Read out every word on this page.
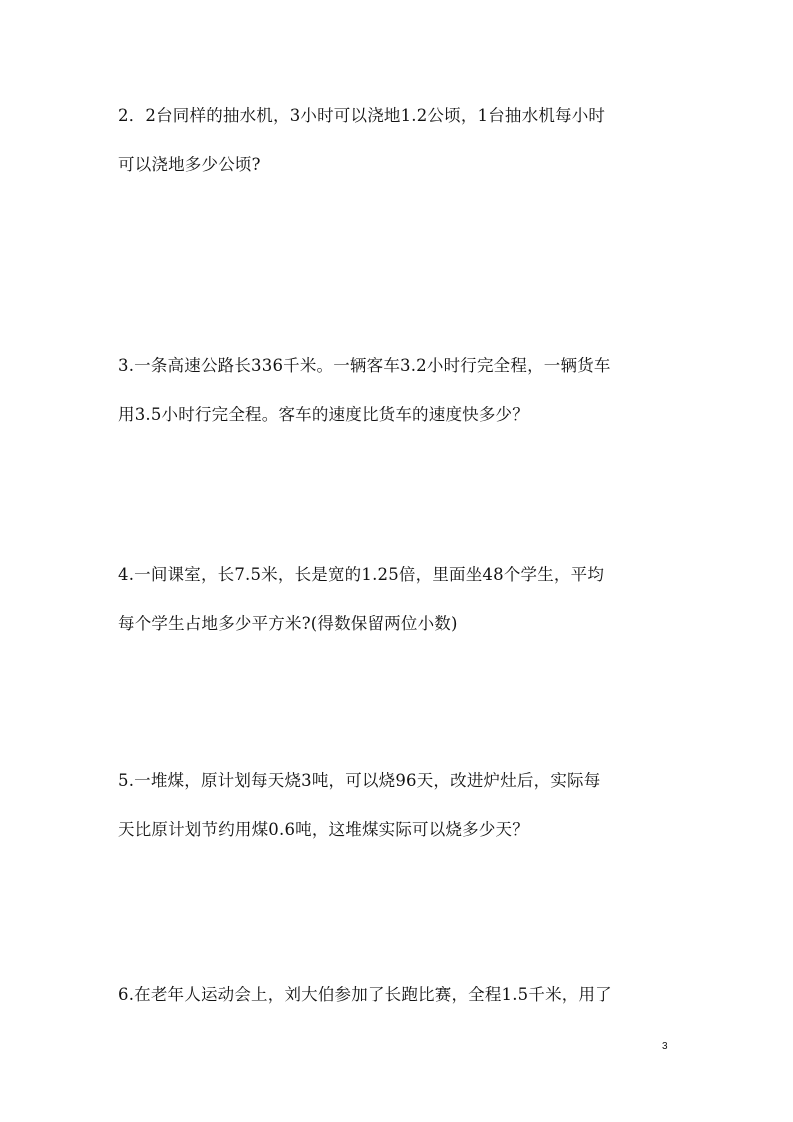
2．2台同样的抽水机，3小时可以浇地1.2公顷，1台抽水机每小时
可以浇地多少公顷?
3.一条高速公路长336千米。一辆客车3.2小时行完全程，一辆货车
用3.5小时行完全程。客车的速度比货车的速度快多少？
4.一间课室，长7.5米，长是宽的1.25倍，里面坐48个学生，平均
每个学生占地多少平方米?(得数保留两位小数)
5.一堆煤，原计划每天烧3吨，可以烧96天，改进炉灶后，实际每
天比原计划节约用煤0.6吨，这堆煤实际可以烧多少天？
6.在老年人运动会上，刘大伯参加了长跑比赛，全程1.5千米，用了
3
